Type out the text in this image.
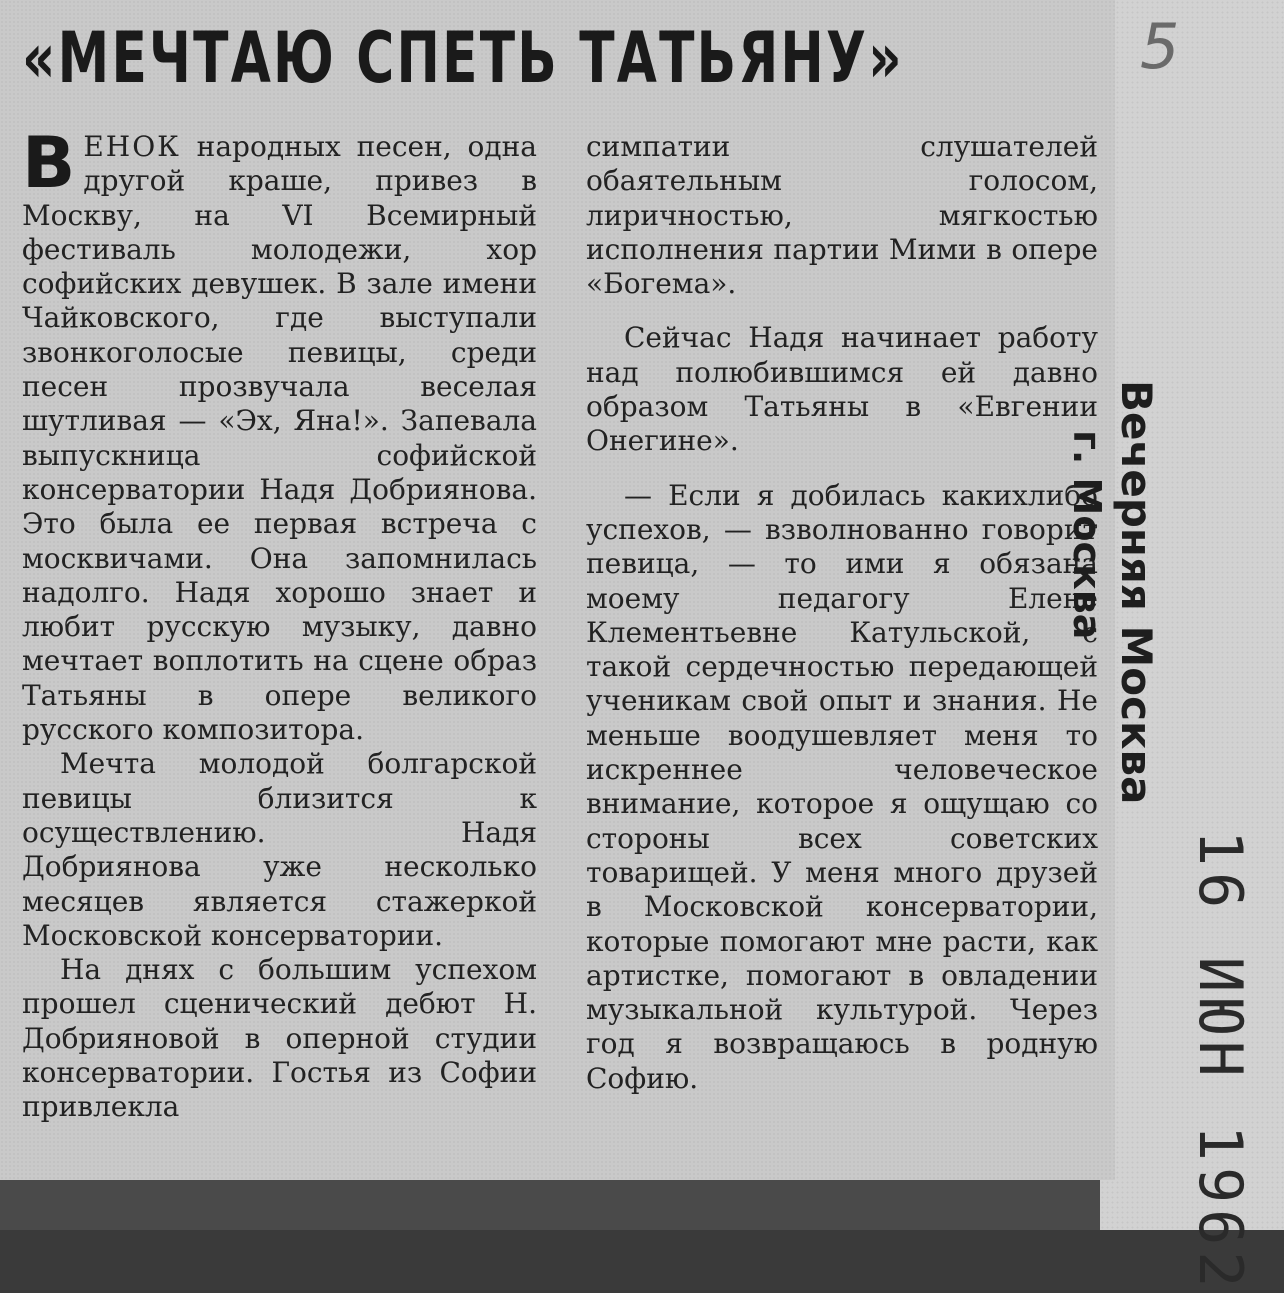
«МЕЧТАЮ СПЕТЬ ТАТЬЯНУ»

ВЕНОК народных песен, одна другой краше, привез в Москву, на VI Всемирный фестиваль молодежи, хор софийских девушек. В зале имени Чайковского, где выступали звонкоголосые певицы, среди песен прозвучала веселая шутливая — «Эх, Яна!». Запевала выпускница софийской консерватории Надя Добриянова. Это была ее первая встреча с москвичами. Она запомнилась надолго. Надя хорошо знает и любит русскую музыку, давно мечтает воплотить на сцене образ Татьяны в опере великого русского композитора.

Мечта молодой болгарской певицы близится к осуществлению. Надя Добриянова уже несколько месяцев является стажеркой Московской консерватории.

На днях с большим успехом прошел сценический дебют Н. Добрияновой в оперной студии консерватории. Гостья из Софии привлекла

симпатии слушателей обаятельным голосом, лиричностью, мягкостью исполнения партии Мими в опере «Богема».

Сейчас Надя начинает работу над полюбившимся ей давно образом Татьяны в «Евгении Онегине».

— Если я добилась какихлибо успехов, — взволнованно говорит певица, — то ими я обязана моему педагогу Елене Клементьевне Катульской, с такой сердечностью передающей ученикам свой опыт и знания. Не меньше воодушевляет меня то искреннее человеческое внимание, которое я ощущаю со стороны всех советских товарищей. У меня много друзей в Московской консерватории, которые помогают мне расти, как артистке, помогают в овладении музыкальной культурой. Через год я возвращаюсь в родную Софию.

5
Вечерняя Москва
г. Москва
16 ИЮН 1962
